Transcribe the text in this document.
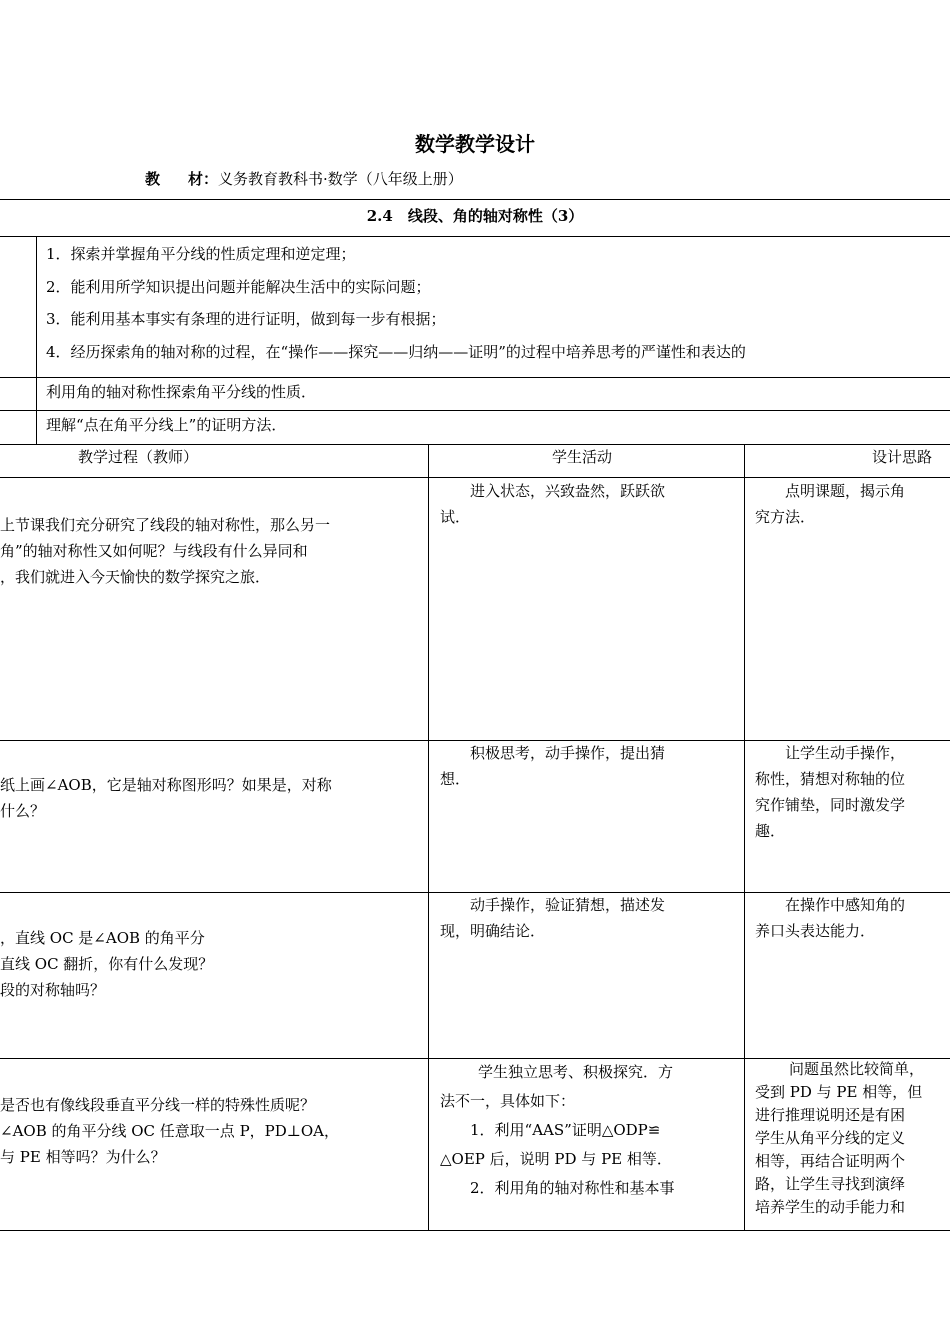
数学教学设计
教 材：义务教育教科书·数学（八年级上册）
2.4　线段、角的轴对称性（3）
1．探索并掌握角平分线的性质定理和逆定理；
2．能利用所学知识提出问题并能解决生活中的实际问题；
3．能利用基本事实有条理的进行证明，做到每一步有根据；
4．经历探索角的轴对称的过程，在“操作——探究——归纳——证明”的过程中培养思考的严谨性和表达的
利用角的轴对称性探索角平分线的性质．
理解“点在角平分线上”的证明方法．
教学过程（教师）	学生活动	设计思路
上节课我们充分研究了线段的轴对称性，那么另一
角”的轴对称性又如何呢？与线段有什么异同和
，我们就进入今天愉快的数学探究之旅．
进入状态，兴致盎然，跃跃欲
试．
点明课题，揭示角
究方法．
纸上画∠AOB，它是轴对称图形吗？如果是，对称
什么？
积极思考，动手操作，提出猜
想．
让学生动手操作，
称性，猜想对称轴的位
究作铺垫，同时激发学
趣．
，直线 OC 是∠AOB 的角平分
直线 OC 翻折，你有什么发现？
段的对称轴吗？
动手操作，验证猜想，描述发
现，明确结论．
在操作中感知角的
养口头表达能力．
是否也有像线段垂直平分线一样的特殊性质呢？
∠AOB 的角平分线 OC 任意取一点 P，PD⊥OA，
与 PE 相等吗？为什么？
学生独立思考、积极探究．方
法不一，具体如下：
1．利用“AAS”证明△ODP≌
△OEP 后，说明 PD 与 PE 相等．
2．利用角的轴对称性和基本事
问题虽然比较简单，
受到 PD 与 PE 相等，但
进行推理说明还是有困
学生从角平分线的定义
相等，再结合证明两个
路，让学生寻找到演绎
培养学生的动手能力和
